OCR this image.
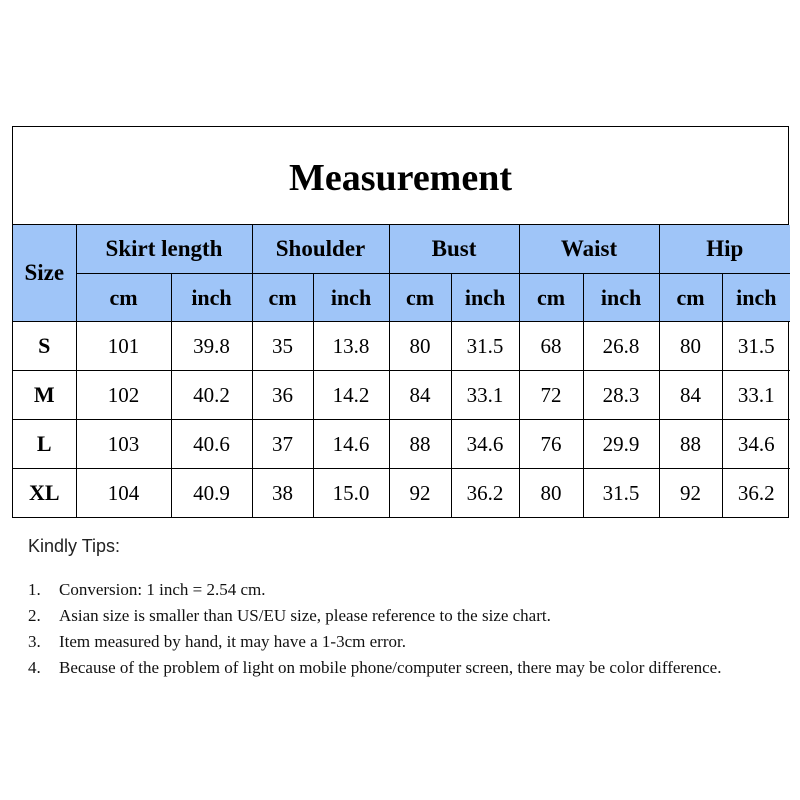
Measurement
Size	Skirt length		Shoulder		Bust		Waist		Hip	
	cm	inch	cm	inch	cm	inch	cm	inch	cm	inch
S	101	39.8	35	13.8	80	31.5	68	26.8	80	31.5
M	102	40.2	36	14.2	84	33.1	72	28.3	84	33.1
L	103	40.6	37	14.6	88	34.6	76	29.9	88	34.6
XL	104	40.9	38	15.0	92	36.2	80	31.5	92	36.2
Kindly Tips:
1.	Conversion: 1 inch = 2.54 cm.
2.	Asian size is smaller than US/EU size, please reference to the size chart.
3.	Item measured by hand, it may have a 1-3cm error.
4.	Because of the problem of light on mobile phone/computer screen, there may be color difference.
